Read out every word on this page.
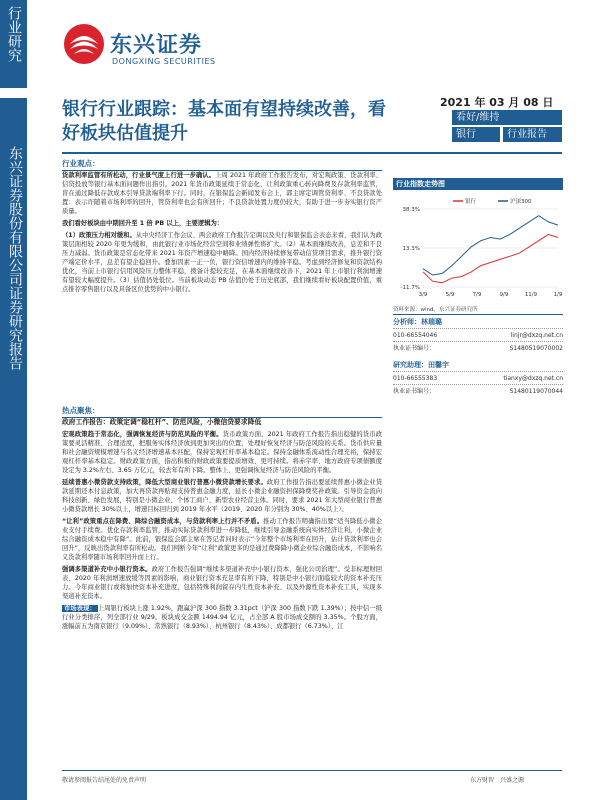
行业研究
东兴证券股份有限公司证券研究报告
东兴证券
DONGXING SECURITIES
银行行业跟踪：基本面有望持续改善，看好板块估值提升
2021 年 03 月 08 日
看好/维持
银行	行业报告
行业观点：

货款利率监管有所松动，行业景气度上行进一步确认。上周 2021 年政府工作报告发布，对宏观政策、货款利率、信贷投放等银行基本面问题作出指引。2021 年货币政策延续于常态化，让利政策重心转向降费及存款利率监管，盲在通过降低存款成本引导贷款端利率下行。同时，在银保监会新闻发布会上，郭主席定调管贷利率、不良贷款处置：表示许随着市场利率的回升，管贷利率也会有所回升；不良贷款处置力度仍较大，有助于进一步夯实银行资产质量。

我们看好板块由中期回升至 1 倍 PB 以上，主要逻辑为：

（1）政策压力相对缓和。从中央经济工作会议、两会政府工作报告定调以及央行和银保监会表态来看，我们认为政策层面相较 2020 年更为缓和，由此银行业市场化经营空间和业绩弹性将扩大。（2）基本面继续改善，息差和不良压力减弱。货币政策是常态化带来 2021 年资产增速稳中略降。国内经济持续修复带动信贷项目需求，推升银行资产端定价水平，息差有望企稳回升。叠加因素一正一负，银行资信增速内的维持平稳。考虑到经济修复和资款结构优化，当前上市银行信用风险压力整体平稳，拨备计提较充足，在基本面继续改善下，2021 年上市银行利润增速有望较大幅度提升。（3）估值仍处低位。当前板块动态 PB 估值仍处于历史底部，我们继续看好板块配置价值，重点推荐零售银行以及具备区位优势的中小银行。

热点聚焦：

政府工作报告：政策定调“稳杠杆”、防范风险，小微信贷要求降低

宏观政策趋于常态化，强调恢复经济与防范风险的平衡。货币政策方面，2021 年政府工作报告指出稳健的货币政策要灵活精准、合理适度，把服务实体经济放到更加突出的位置，处理好恢复经济与防范风险的关系。货币供应量和社会融资规模增速与名义经济增速基本匹配，保持宏观杠杆率基本稳定。保持金融体系流动性合理充裕，保持宏观杠杆率基本稳定。财政政策方面，指出积极的财政政策要提质增效、更可持续。将赤字率、地方政府专项债额度设定为 3.2%左右、3.65 万亿元，较去年有所下降。整体上，更强调恢复经济与防范风险的平衡。

延续普惠小微贷款支持政策，降低大型商业银行普惠小微贷款增长要求。政府工作报告指出要延续普惠小微企业贷款延期还本付息政策，加大再贷款再贴现支持普惠金融力度，延长小微企业融资担保降费奖补政策。引导资金流向科技创新、绿色发展，特别是小微企业、个体工商户、新型农业经营主体。同时，要求 2021 年大型商业银行普惠小微贷款增长 30%以上，增速目标回归到 2019 年水平（2019、2020 年分别为 30%、40%以上）。

“让利”政策重点在降费、降综合融资成本，与贷款利率上行并不矛盾。推动工作报告明确指出要“适当降低小微企业支付手续费。优化存款利率监管，推动实际贷款利率进一步降低，继续引导金融系统向实体经济让利，小微企业综合融资成本稳中有降”。此前，银保监会郭主席在答记者问时表示“今年整个市场利率在回升，估计贷款利率也会回升”，反映出货款利率有所松动。我们判断今年“让利”政策更多的是通过费降降小微企业综合融资成本，不影响名义货款利率随市场利率回升而上行。

强调多渠道补充中小银行资本。政府工作报告强调“继续多渠道补充中小银行资本，强化公司治理”。受非标理财回表、2020 年利润增速放缓等因素的影响，商业银行资本充足率有所下降，特别是中小银行面临较大的资本补充压力。今年商业银行或将加快资本补充进度，包括特殊利润留存内生性资本补充、以及外源性资本补充工具，实现多渠道补充资本。

市场表现： 上周银行板块上涨 1.92%，跑赢沪深 300 指数 3.31pct（沪深 300 指数下跌 1.39%）；按中信一级行业分类排序，列全部行业 9/29。板块成交金额 1494.94 亿元，占全部 A 股市场成交额的 3.35%。个股方面，涨幅前五为南京银行（9.09%）、常熟银行（8.93%）、杭州银行（8.43%）、成都银行（6.73%）、江

行业指数走势图
38.3%
13.3%
-11.7%
3/9	5/9	7/9	9/9	11/9	1/9
银行	沪深300
资料来源：wind、东兴证券研究所
分析师：林瑞璐
010-66554046	linjr@dxzq.net.cn
执业证书编号：	S1480519070002
研究助理：田馨宇
010-66555383	tianxy@dxzq.net.cn
执业证书编号：	S1480119070044
敬请参阅报告结尾处的免责声明	东方财智　兴盛之源
